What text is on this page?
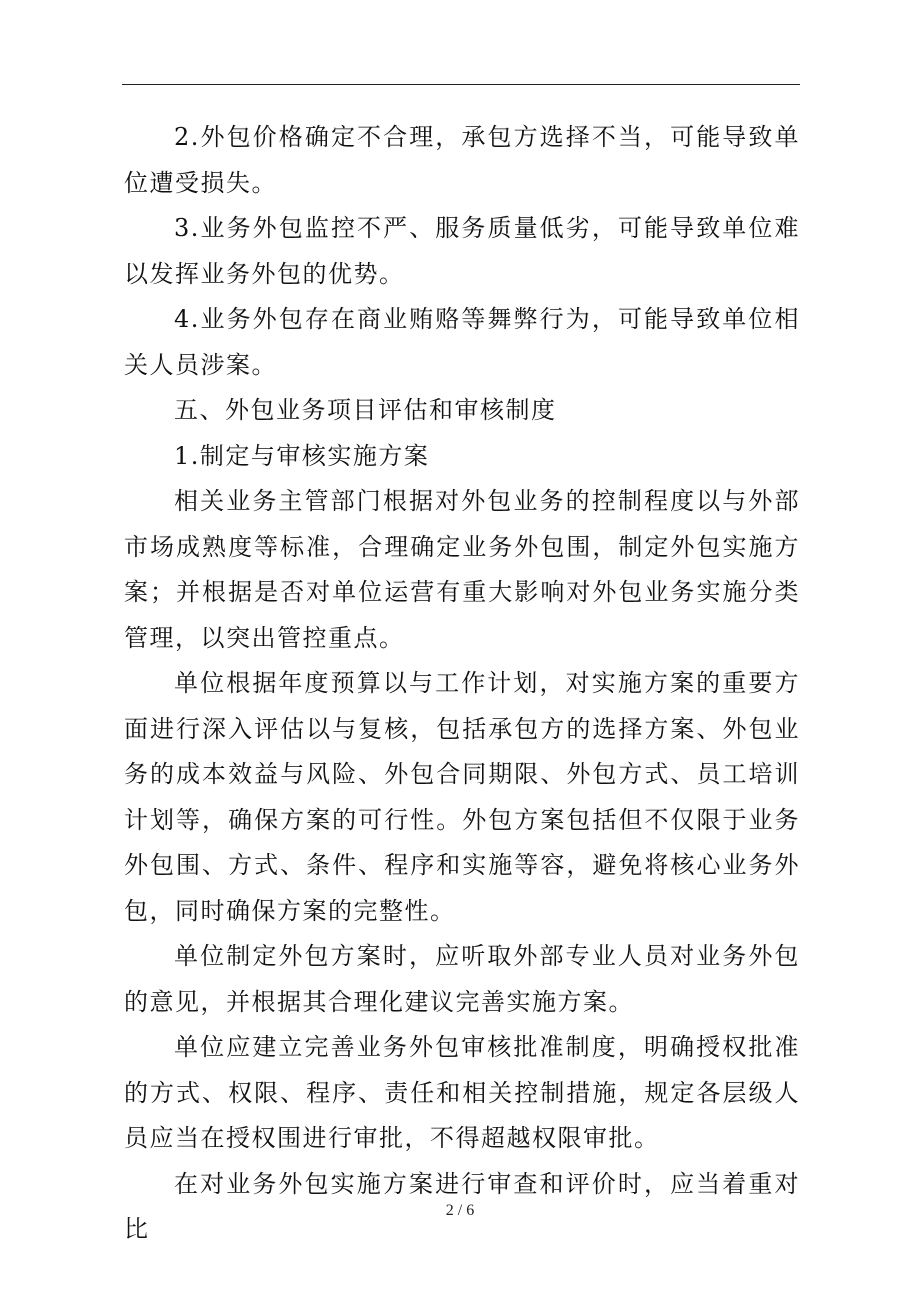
2.外包价格确定不合理，承包方选择不当，可能导致单位遭受损失。

3.业务外包监控不严、服务质量低劣，可能导致单位难以发挥业务外包的优势。

4.业务外包存在商业贿赂等舞弊行为，可能导致单位相关人员涉案。

五、外包业务项目评估和审核制度

1.制定与审核实施方案

相关业务主管部门根据对外包业务的控制程度以与外部市场成熟度等标准，合理确定业务外包围，制定外包实施方案；并根据是否对单位运营有重大影响对外包业务实施分类管理，以突出管控重点。

单位根据年度预算以与工作计划，对实施方案的重要方面进行深入评估以与复核，包括承包方的选择方案、外包业务的成本效益与风险、外包合同期限、外包方式、员工培训计划等，确保方案的可行性。外包方案包括但不仅限于业务外包围、方式、条件、程序和实施等容，避免将核心业务外包，同时确保方案的完整性。

单位制定外包方案时，应听取外部专业人员对业务外包的意见，并根据其合理化建议完善实施方案。

单位应建立完善业务外包审核批准制度，明确授权批准的方式、权限、程序、责任和相关控制措施，规定各层级人员应当在授权围进行审批，不得超越权限审批。

在对业务外包实施方案进行审查和评价时，应当着重对比

2 / 6
